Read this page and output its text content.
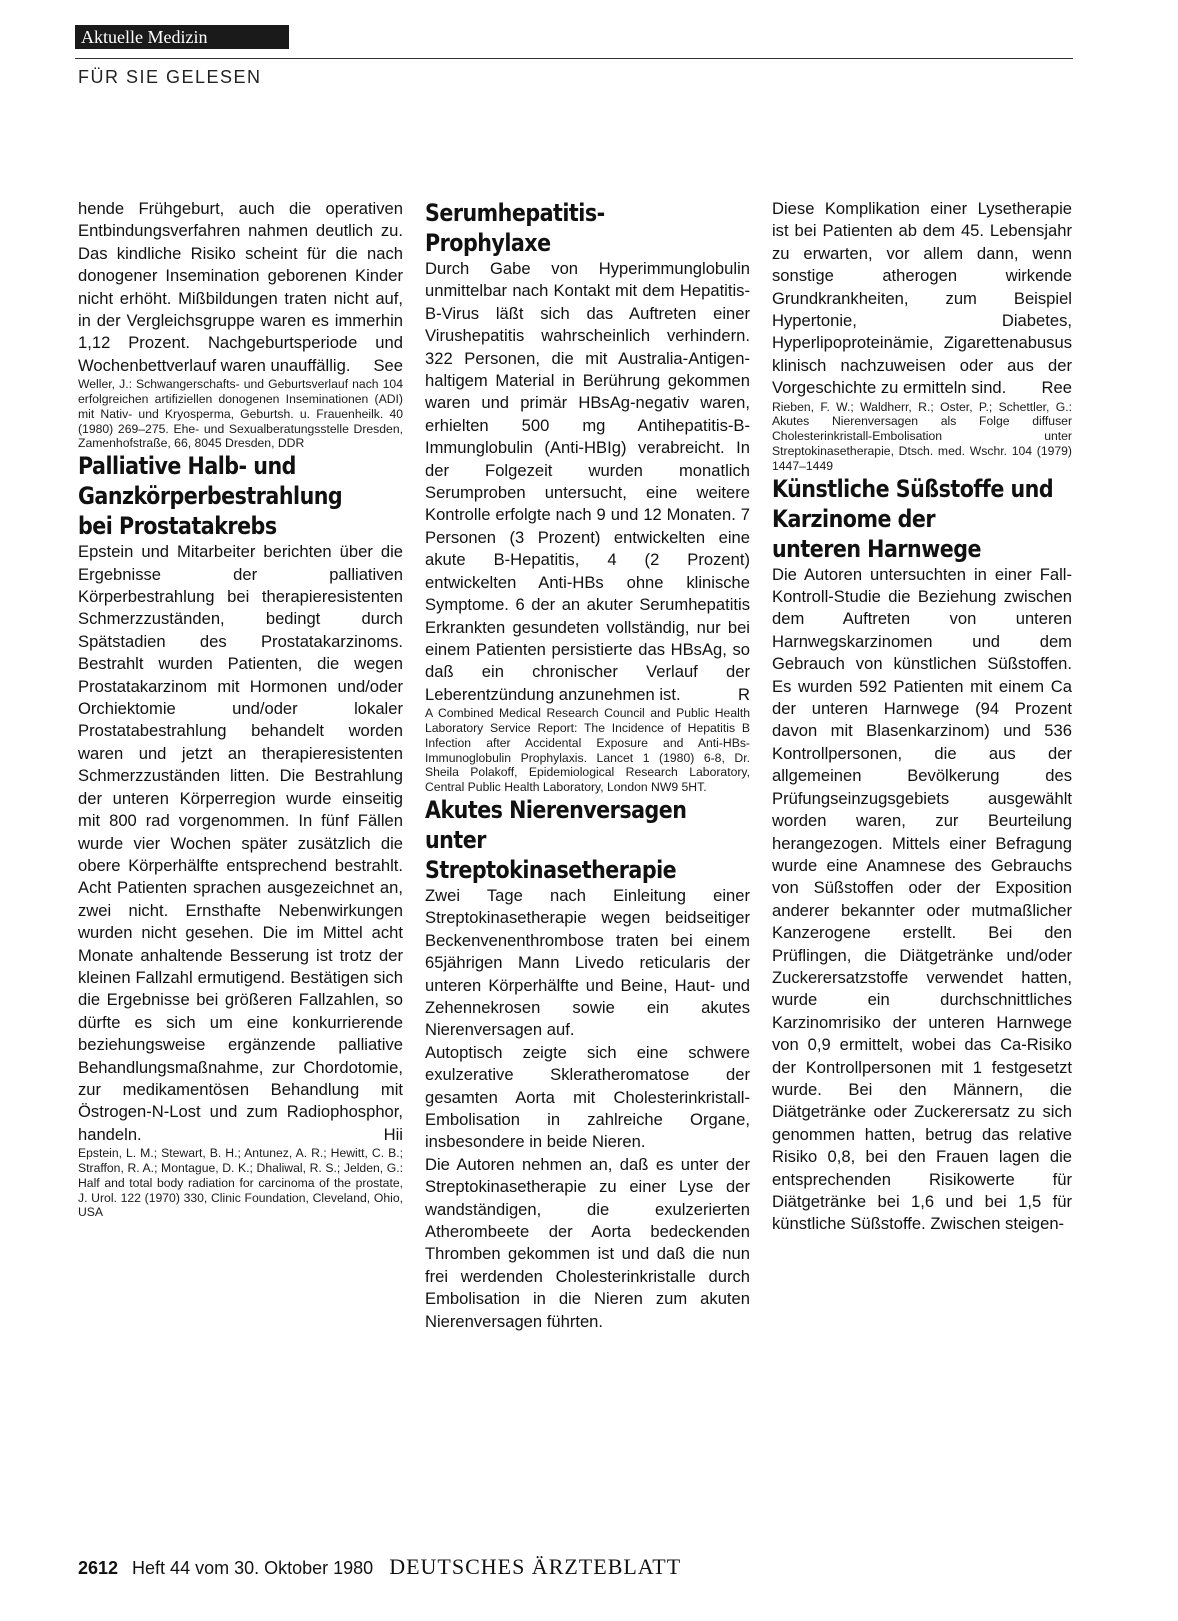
Aktuelle Medizin
FÜR SIE GELESEN

hende Frühgeburt, auch die operativen Entbindungsverfahren nahmen deutlich zu. Das kindliche Risiko scheint für die nach donogener Insemination geborenen Kinder nicht erhöht. Mißbildungen traten nicht auf, in der Vergleichsgruppe waren es immerhin 1,12 Prozent. Nachgeburtsperiode und Wochenbettverlauf waren unauffällig. See

Weller, J.: Schwangerschafts- und Geburtsverlauf nach 104 erfolgreichen artifiziellen donogenen Inseminationen (ADI) mit Nativ- und Kryosperma, Geburtsh. u. Frauenheilk. 40 (1980) 269–275. Ehe- und Sexualberatungsstelle Dresden, Zamenhofstraße, 66, 8045 Dresden, DDR

Palliative Halb- und
Ganzkörperbestrahlung
bei Prostatakrebs

Epstein und Mitarbeiter berichten über die Ergebnisse der palliativen Körperbestrahlung bei therapieresistenten Schmerzzuständen, bedingt durch Spätstadien des Prostatakarzinoms. Bestrahlt wurden Patienten, die wegen Prostatakarzinom mit Hormonen und/oder Orchiektomie und/oder lokaler Prostatabestrahlung behandelt worden waren und jetzt an therapieresistenten Schmerzzuständen litten. Die Bestrahlung der unteren Körperregion wurde einseitig mit 800 rad vorgenommen. In fünf Fällen wurde vier Wochen später zusätzlich die obere Körperhälfte entsprechend bestrahlt. Acht Patienten sprachen ausgezeichnet an, zwei nicht. Ernsthafte Nebenwirkungen wurden nicht gesehen. Die im Mittel acht Monate anhaltende Besserung ist trotz der kleinen Fallzahl ermutigend. Bestätigen sich die Ergebnisse bei größeren Fallzahlen, so dürfte es sich um eine konkurrierende beziehungsweise ergänzende palliative Behandlungsmaßnahme, zur Chordotomie, zur medikamentösen Behandlung mit Östrogen-N-Lost und zum Radiophosphor, handeln.	Hii

Epstein, L. M.; Stewart, B. H.; Antunez, A. R.; Hewitt, C. B.; Straffon, R. A.; Montague, D. K.; Dhaliwal, R. S.; Jelden, G.: Half and total body radiation for carcinoma of the prostate, J. Urol. 122 (1970) 330, Clinic Foundation, Cleveland, Ohio, USA

Serumhepatitis-
Prophylaxe

Durch Gabe von Hyperimmunglobulin unmittelbar nach Kontakt mit dem Hepatitis-B-Virus läßt sich das Auftreten einer Virushepatitis wahrscheinlich verhindern. 322 Personen, die mit Australia-Antigen-haltigem Material in Berührung gekommen waren und primär HBsAg-negativ waren, erhielten 500 mg Antihepatitis-B-Immunglobulin (Anti-HBIg) verabreicht. In der Folgezeit wurden monatlich Serumproben untersucht, eine weitere Kontrolle erfolgte nach 9 und 12 Monaten. 7 Personen (3 Prozent) entwickelten eine akute B-Hepatitis, 4 (2 Prozent) entwickelten Anti-HBs ohne klinische Symptome. 6 der an akuter Serumhepatitis Erkrankten gesundeten vollständig, nur bei einem Patienten persistierte das HBsAg, so daß ein chronischer Verlauf der Leberentzündung anzunehmen ist.	R

A Combined Medical Research Council and Public Health Laboratory Service Report: The Incidence of Hepatitis B Infection after Accidental Exposure and Anti-HBs-Immunoglobulin Prophylaxis. Lancet 1 (1980) 6-8, Dr. Sheila Polakoff, Epidemiological Research Laboratory, Central Public Health Laboratory, London NW9 5HT.

Akutes Nierenversagen
unter
Streptokinasetherapie

Zwei Tage nach Einleitung einer Streptokinasetherapie wegen beidseitiger Beckenvenenthrombose traten bei einem 65jährigen Mann Livedo reticularis der unteren Körperhälfte und Beine, Haut- und Zehennekrosen sowie ein akutes Nierenversagen auf.

Autoptisch zeigte sich eine schwere exulzerative Skleratheromatose der gesamten Aorta mit Cholesterinkristall-Embolisation in zahlreiche Organe, insbesondere in beide Nieren.

Die Autoren nehmen an, daß es unter der Streptokinasetherapie zu einer Lyse der wandständigen, die exulzerierten Atherombeete der Aorta bedeckenden Thromben gekommen ist und daß die nun frei werdenden Cholesterinkristalle durch Embolisation in die Nieren zum akuten Nierenversagen führten.

Diese Komplikation einer Lysetherapie ist bei Patienten ab dem 45. Lebensjahr zu erwarten, vor allem dann, wenn sonstige atherogen wirkende Grundkrankheiten, zum Beispiel Hypertonie, Diabetes, Hyperlipoproteinämie, Zigarettenabusus klinisch nachzuweisen oder aus der Vorgeschichte zu ermitteln sind. Ree

Rieben, F. W.; Waldherr, R.; Oster, P.; Schettler, G.: Akutes Nierenversagen als Folge diffuser Cholesterinkristall-Embolisation unter Streptokinasetherapie, Dtsch. med. Wschr. 104 (1979) 1447–1449

Künstliche Süßstoffe und
Karzinome der
unteren Harnwege

Die Autoren untersuchten in einer Fall-Kontroll-Studie die Beziehung zwischen dem Auftreten von unteren Harnwegskarzinomen und dem Gebrauch von künstlichen Süßstoffen. Es wurden 592 Patienten mit einem Ca der unteren Harnwege (94 Prozent davon mit Blasenkarzinom) und 536 Kontrollpersonen, die aus der allgemeinen Bevölkerung des Prüfungseinzugsgebiets ausgewählt worden waren, zur Beurteilung herangezogen. Mittels einer Befragung wurde eine Anamnese des Gebrauchs von Süßstoffen oder der Exposition anderer bekannter oder mutmaßlicher Kanzerogene erstellt. Bei den Prüflingen, die Diätgetränke und/oder Zuckerersatzstoffe verwendet hatten, wurde ein durchschnittliches Karzinomrisiko der unteren Harnwege von 0,9 ermittelt, wobei das Ca-Risiko der Kontrollpersonen mit 1 festgesetzt wurde. Bei den Männern, die Diätgetränke oder Zuckerersatz zu sich genommen hatten, betrug das relative Risiko 0,8, bei den Frauen lagen die entsprechenden Risikowerte für Diätgetränke bei 1,6 und bei 1,5 für künstliche Süßstoffe. Zwischen steigen-

2612 Heft 44 vom 30. Oktober 1980 DEUTSCHES ÄRZTEBLATT
